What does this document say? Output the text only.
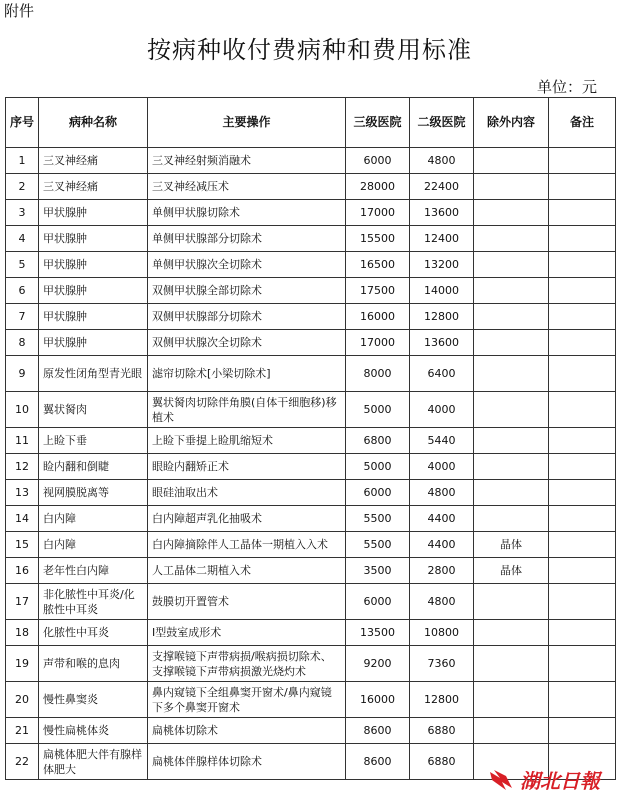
附件
按病种收付费病种和费用标准
单位：元
序号	病种名称	主要操作	三级医院	二级医院	除外内容	备注
1	三叉神经痛	三叉神经射频消融术	6000	4800		
2	三叉神经痛	三叉神经减压术	28000	22400		
3	甲状腺肿	单侧甲状腺切除术	17000	13600		
4	甲状腺肿	单侧甲状腺部分切除术	15500	12400		
5	甲状腺肿	单侧甲状腺次全切除术	16500	13200		
6	甲状腺肿	双侧甲状腺全部切除术	17500	14000		
7	甲状腺肿	双侧甲状腺部分切除术	16000	12800		
8	甲状腺肿	双侧甲状腺次全切除术	17000	13600		
9	原发性闭角型青光眼	滤帘切除术[小梁切除术]	8000	6400		
10	翼状胬肉	翼状胬肉切除伴角膜(自体干细胞移)移植术	5000	4000		
11	上睑下垂	上睑下垂提上睑肌缩短术	6800	5440		
12	睑内翻和倒睫	眼睑内翻矫正术	5000	4000		
13	视网膜脱离等	眼硅油取出术	6000	4800		
14	白内障	白内障超声乳化抽吸术	5500	4400		
15	白内障	白内障摘除伴人工晶体一期植入入术	5500	4400	晶体	
16	老年性白内障	人工晶体二期植入术	3500	2800	晶体	
17	非化脓性中耳炎/化脓性中耳炎	鼓膜切开置管术	6000	4800		
18	化脓性中耳炎	I型鼓室成形术	13500	10800		
19	声带和喉的息肉	支撑喉镜下声带病损/喉病损切除术、支撑喉镜下声带病损激光烧灼术	9200	7360		
20	慢性鼻窦炎	鼻内窥镜下全组鼻窦开窗术/鼻内窥镜下多个鼻窦开窗术	16000	12800		
21	慢性扁桃体炎	扁桃体切除术	8600	6880		
22	扁桃体肥大伴有腺样体肥大	扁桃体伴腺样体切除术	8600	6880		
湖北日報
